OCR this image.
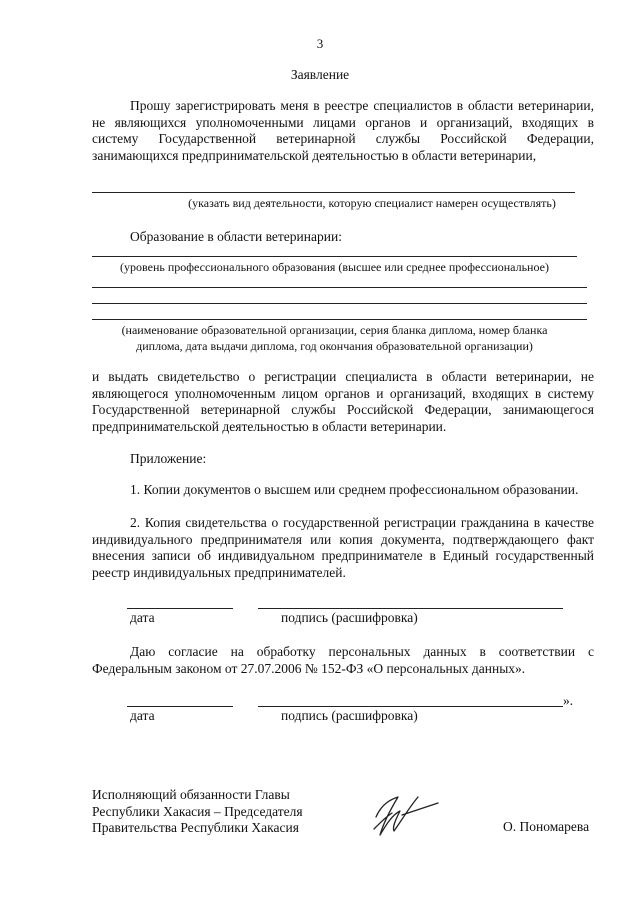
3
Заявление
Прошу зарегистрировать меня в реестре специалистов в области ветеринарии, не являющихся уполномоченными лицами органов и организаций, входящих в систему Государственной ветеринарной службы Российской Федерации, занимающихся предпринимательской деятельностью в области ветеринарии,
(указать вид деятельности, которую специалист намерен осуществлять)
Образование в области ветеринарии:
(уровень профессионального образования (высшее или среднее профессиональное)
(наименование образовательной организации, серия бланка диплома, номер бланка
диплома, дата выдачи диплома, год окончания образовательной организации)
и выдать свидетельство о регистрации специалиста в области ветеринарии, не являющегося уполномоченным лицом органов и организаций, входящих в систему Государственной ветеринарной службы Российской Федерации, занимающегося предпринимательской деятельностью в области ветеринарии.
Приложение:
1. Копии документов о высшем или среднем профессиональном образовании.
2. Копия свидетельства о государственной регистрации гражданина в качестве индивидуального предпринимателя или копия документа, подтверждающего факт внесения записи об индивидуальном предпринимателе в Единый государственный реестр индивидуальных предпринимателей.
дата	подпись (расшифровка)
Даю согласие на обработку персональных данных в соответствии с Федеральным законом от 27.07.2006 № 152-ФЗ «О персональных данных».
».
дата	подпись (расшифровка)
Исполняющий обязанности Главы
Республики Хакасия – Председателя
Правительства Республики Хакасия	О. Пономарева
